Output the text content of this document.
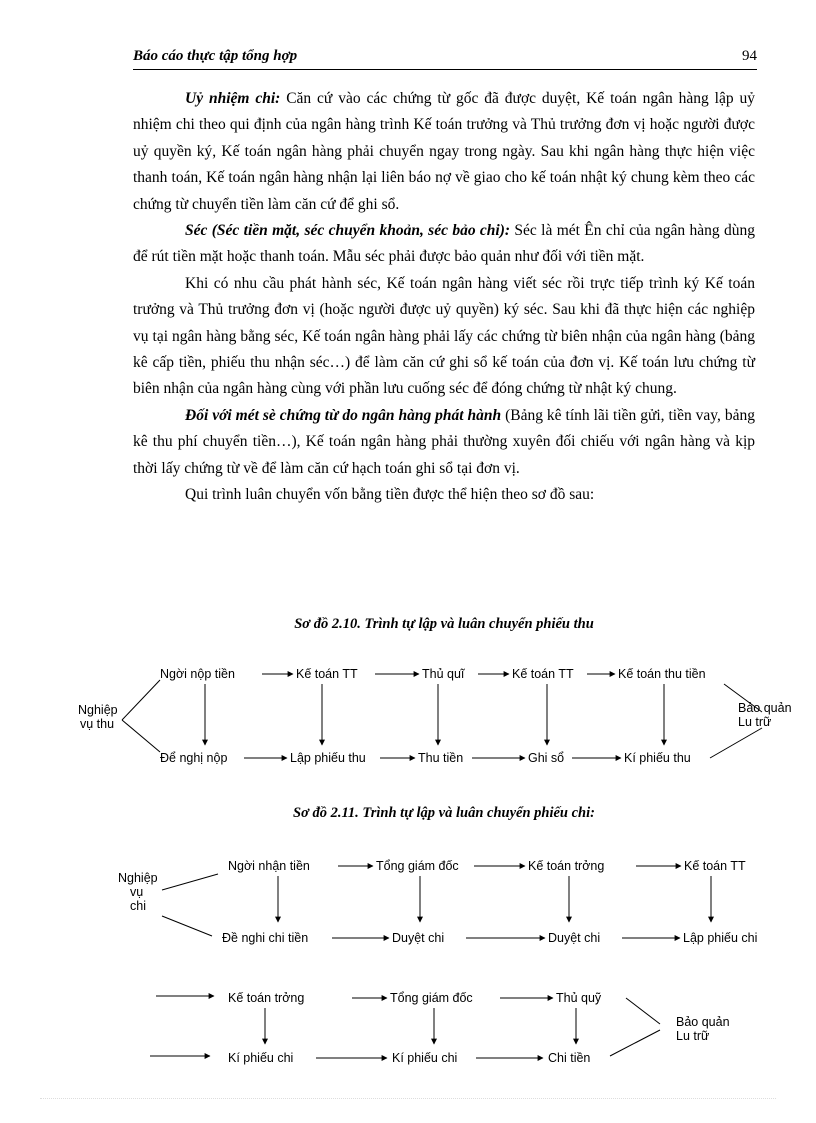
Báo cáo thực tập tổng hợp	94

Uỷ nhiệm chi: Căn cứ vào các chứng từ gốc đã được duyệt, Kế toán ngân hàng lập uỷ nhiệm chi theo qui định của ngân hàng trình Kế toán trưởng và Thủ trưởng đơn vị hoặc người được uỷ quyền ký, Kế toán ngân hàng phải chuyển ngay trong ngày. Sau khi ngân hàng thực hiện việc thanh toán, Kế toán ngân hàng nhận lại liên báo nợ về giao cho kế toán nhật ký chung kèm theo các chứng từ chuyển tiền làm căn cứ để ghi sổ.

Séc (Séc tiền mặt, séc chuyển khoản, séc bảo chi): Séc là mét Ên chỉ của ngân hàng dùng để rút tiền mặt hoặc thanh toán. Mẫu séc phải được bảo quản như đối với tiền mặt.

Khi có nhu cầu phát hành séc, Kế toán ngân hàng viết séc rồi trực tiếp trình ký Kế toán trưởng và Thủ trưởng đơn vị (hoặc người được uỷ quyền) ký séc. Sau khi đã thực hiện các nghiệp vụ tại ngân hàng bằng séc, Kế toán ngân hàng phải lấy các chứng từ biên nhận của ngân hàng (bảng kê cấp tiền, phiếu thu nhận séc…) để làm căn cứ ghi sổ kế toán của đơn vị. Kế toán lưu chứng từ biên nhận của ngân hàng cùng với phần lưu cuống séc để đóng chứng từ nhật ký chung.

Đối với mét sè chứng từ do ngân hàng phát hành (Bảng kê tính lãi tiền gửi, tiền vay, bảng kê thu phí chuyển tiền…), Kế toán ngân hàng phải thường xuyên đối chiếu với ngân hàng và kịp thời lấy chứng từ về để làm căn cứ hạch toán ghi sổ tại đơn vị.

Qui trình luân chuyển vốn bằng tiền được thể hiện theo sơ đồ sau:

Sơ đồ 2.10. Trình tự lập và luân chuyển phiếu thu
Nghiệp
vụ thu
Ngời nộp tiền	Kế toán TT	Thủ quĩ	Kế toán TT	Kế toán thu tiền
Để nghị nộp	Lập phiếu thu	Thu tiền	Ghi sổ	Kí phiếu thu
Bảo quản
Lu trữ
Sơ đồ 2.11. Trình tự lập và luân chuyển phiếu chi:
Nghiệp
vụ
chi
Ngời nhận tiền	Tổng giám đốc	Kế toán trởng	Kế toán TT
Đề nghi chi tiền	Duyệt chi	Duyệt chi	Lập phiếu chi
Kế toán trởng	Tổng giám đốc	Thủ quỹ
Kí phiếu chi	Kí phiếu chi	Chi tiền
Bảo quản
Lu trữ
